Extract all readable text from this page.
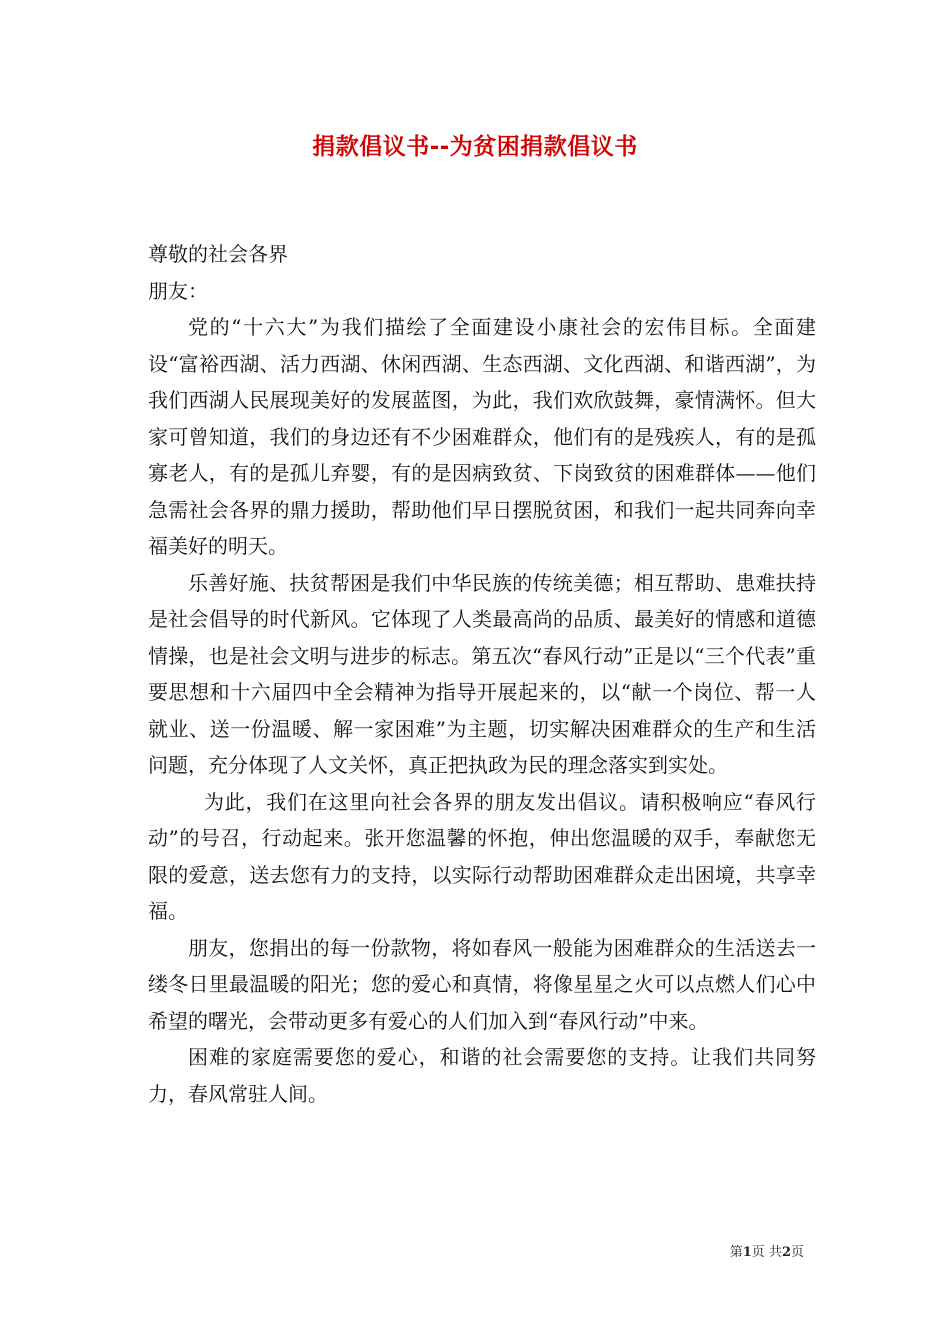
捐款倡议书--为贫困捐款倡议书

尊敬的社会各界

朋友：

党的“十六大”为我们描绘了全面建设小康社会的宏伟目标。全面建设“富裕西湖、活力西湖、休闲西湖、生态西湖、文化西湖、和谐西湖”，为我们西湖人民展现美好的发展蓝图，为此，我们欢欣鼓舞，豪情满怀。但大家可曾知道，我们的身边还有不少困难群众，他们有的是残疾人，有的是孤寡老人，有的是孤儿弃婴，有的是因病致贫、下岗致贫的困难群体——他们急需社会各界的鼎力援助，帮助他们早日摆脱贫困，和我们一起共同奔向幸福美好的明天。

乐善好施、扶贫帮困是我们中华民族的传统美德；相互帮助、患难扶持是社会倡导的时代新风。它体现了人类最高尚的品质、最美好的情感和道德情操，也是社会文明与进步的标志。第五次“春风行动”正是以“三个代表”重要思想和十六届四中全会精神为指导开展起来的，以“献一个岗位、帮一人就业、送一份温暖、解一家困难”为主题，切实解决困难群众的生产和生活问题，充分体现了人文关怀，真正把执政为民的理念落实到实处。

为此，我们在这里向社会各界的朋友发出倡议。请积极响应“春风行动”的号召，行动起来。张开您温馨的怀抱，伸出您温暖的双手，奉献您无限的爱意，送去您有力的支持，以实际行动帮助困难群众走出困境，共享幸福。

朋友，您捐出的每一份款物，将如春风一般能为困难群众的生活送去一缕冬日里最温暖的阳光；您的爱心和真情，将像星星之火可以点燃人们心中希望的曙光，会带动更多有爱心的人们加入到“春风行动”中来。

困难的家庭需要您的爱心，和谐的社会需要您的支持。让我们共同努力，春风常驻人间。

第1页 共2页
